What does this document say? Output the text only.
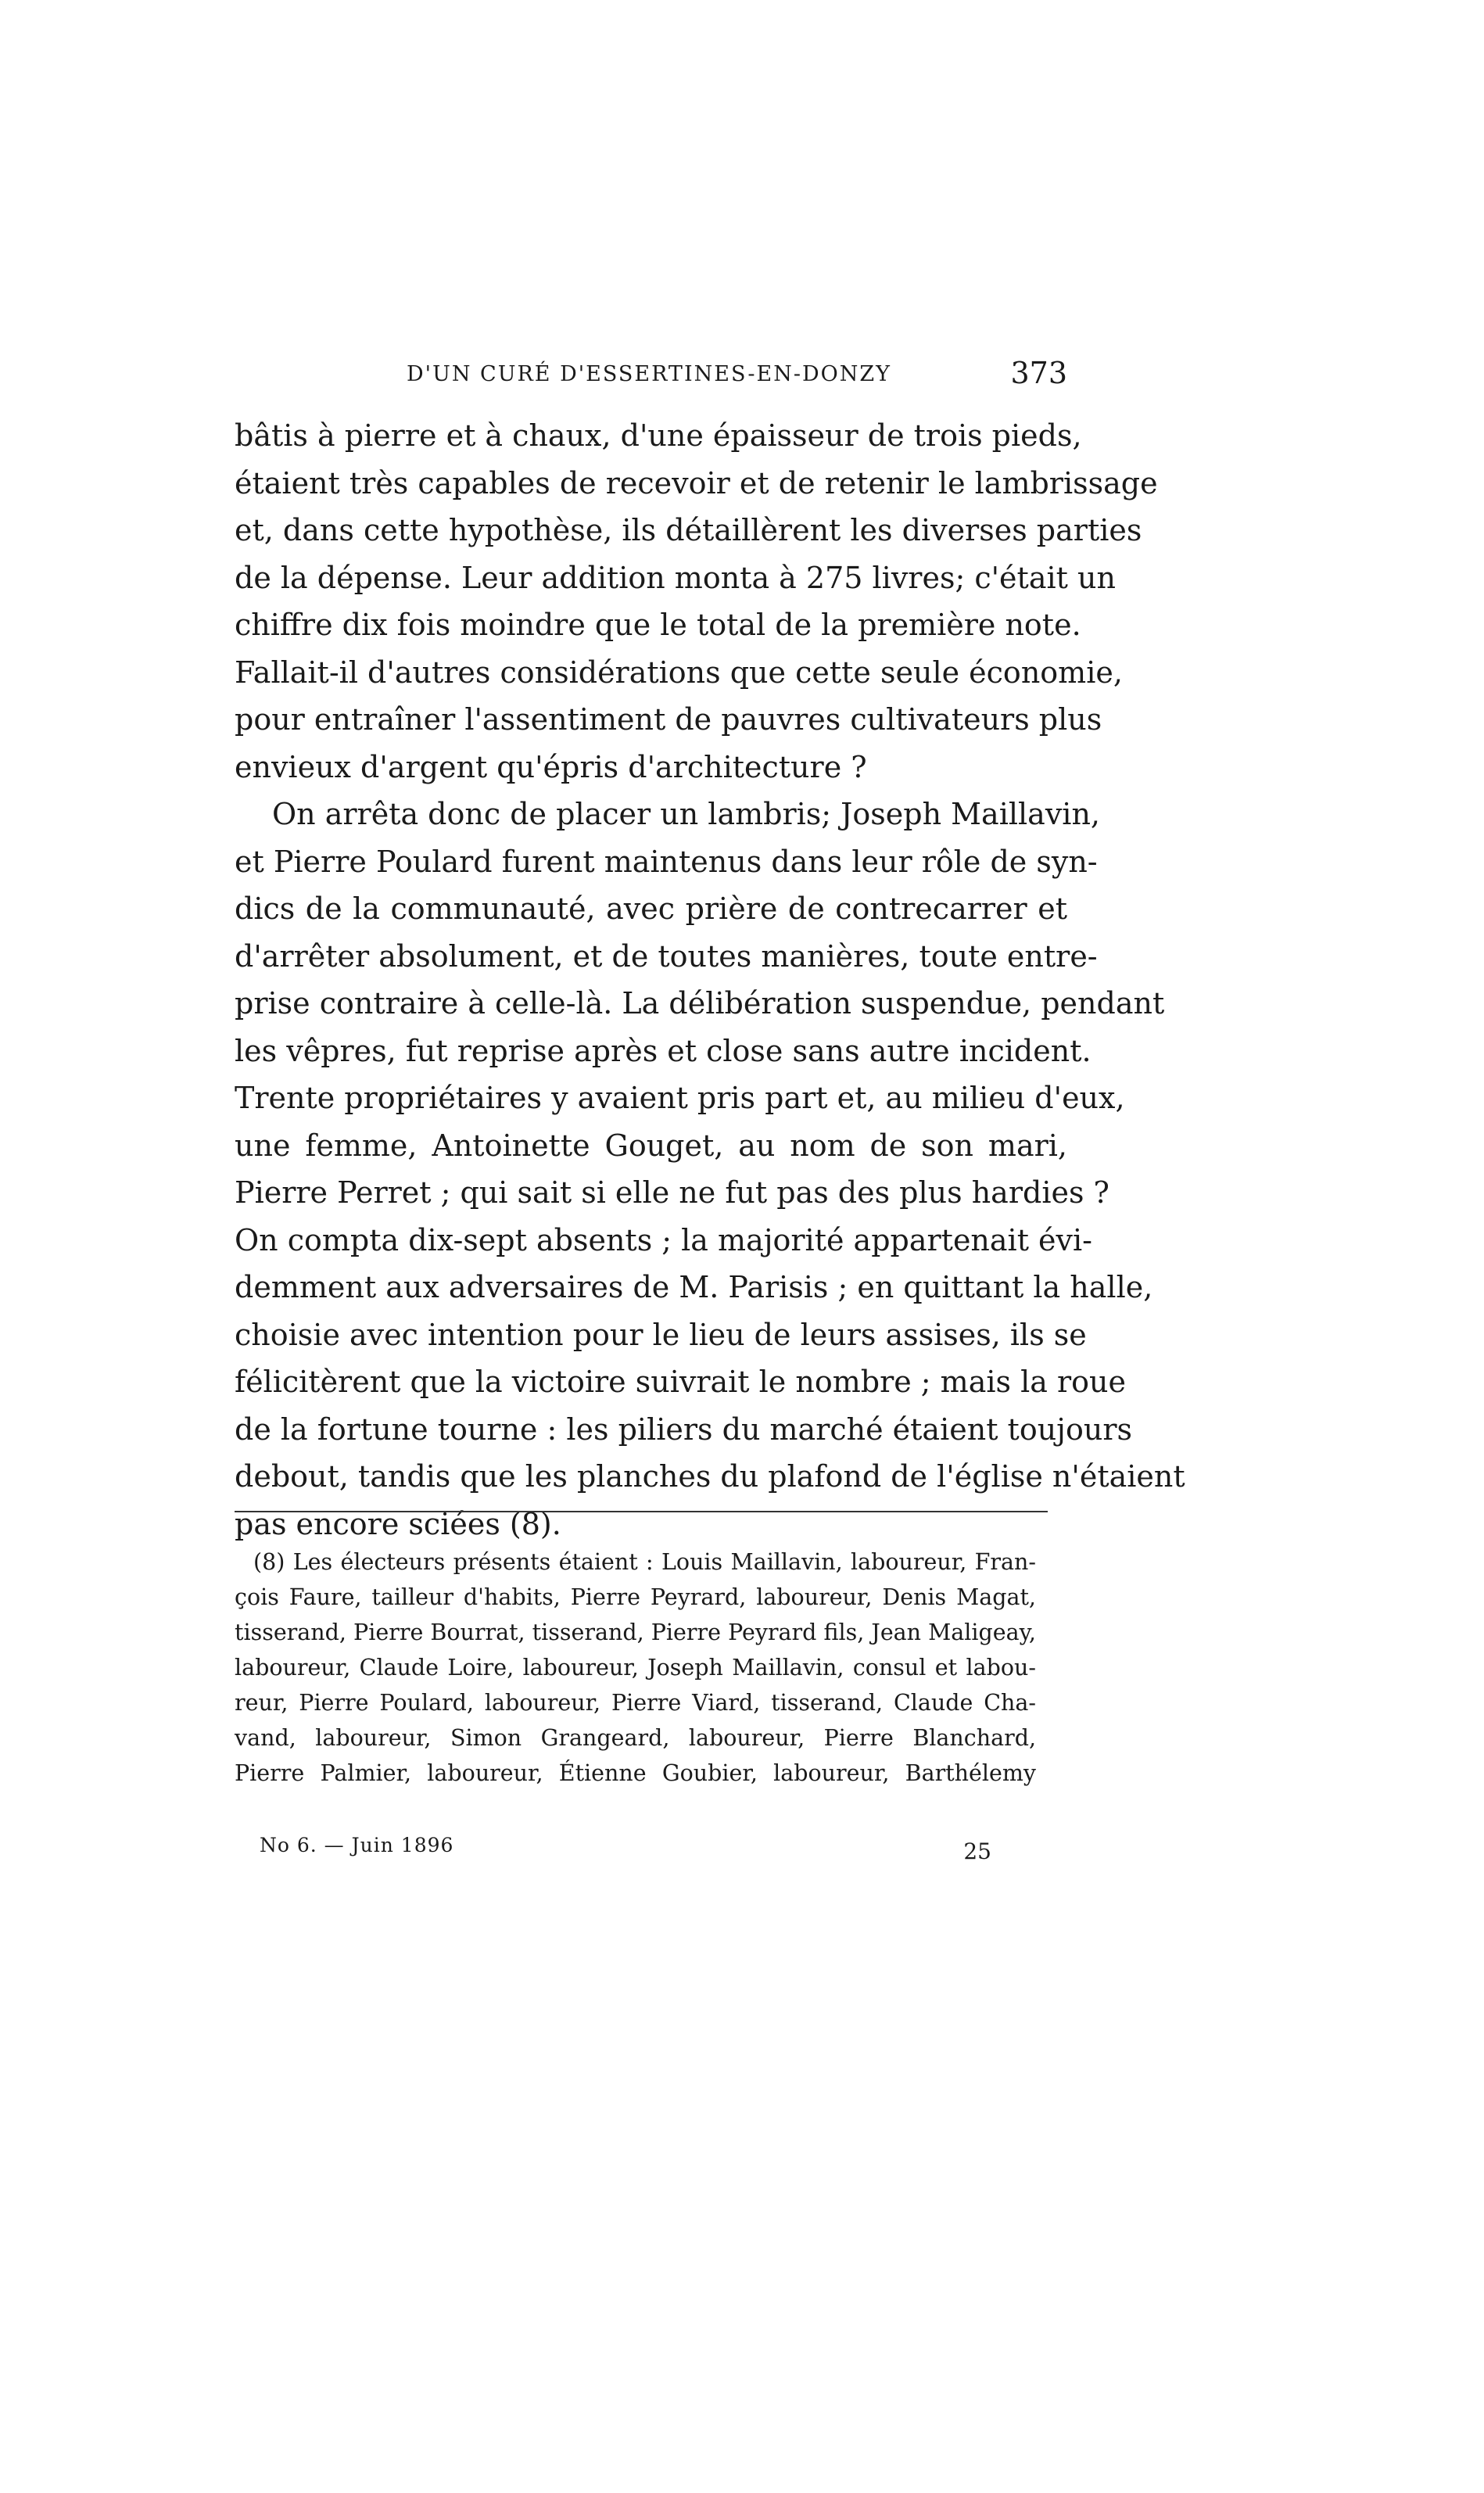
D'UN CURÉ D'ESSERTINES-EN-DONZY	373
bâtis à pierre et à chaux, d'une épaisseur de trois pieds,
étaient très capables de recevoir et de retenir le lambrissage
et, dans cette hypothèse, ils détaillèrent les diverses parties
de la dépense. Leur addition monta à 275 livres; c'était un
chiffre dix fois moindre que le total de la première note.
Fallait-il d'autres considérations que cette seule économie,
pour entraîner l'assentiment de pauvres cultivateurs plus
envieux d'argent qu'épris d'architecture ?
On arrêta donc de placer un lambris; Joseph Maillavin,
et Pierre Poulard furent maintenus dans leur rôle de syn-
dics de la communauté, avec prière de contrecarrer et
d'arrêter absolument, et de toutes manières, toute entre-
prise contraire à celle-là. La délibération suspendue, pendant
les vêpres, fut reprise après et close sans autre incident.
Trente propriétaires y avaient pris part et, au milieu d'eux,
une femme, Antoinette Gouget, au nom de son mari,
Pierre Perret ; qui sait si elle ne fut pas des plus hardies ?
On compta dix-sept absents ; la majorité appartenait évi-
demment aux adversaires de M. Parisis ; en quittant la halle,
choisie avec intention pour le lieu de leurs assises, ils se
félicitèrent que la victoire suivrait le nombre ; mais la roue
de la fortune tourne : les piliers du marché étaient toujours
debout, tandis que les planches du plafond de l'église n'étaient
pas encore sciées (8).
(8) Les électeurs présents étaient : Louis Maillavin, laboureur, Fran-
çois Faure, tailleur d'habits, Pierre Peyrard, laboureur, Denis Magat,
tisserand, Pierre Bourrat, tisserand, Pierre Peyrard fils, Jean Maligeay,
laboureur, Claude Loire, laboureur, Joseph Maillavin, consul et labou-
reur, Pierre Poulard, laboureur, Pierre Viard, tisserand, Claude Cha-
vand, laboureur, Simon Grangeard, laboureur, Pierre Blanchard,
Pierre Palmier, laboureur, Étienne Goubier, laboureur, Barthélemy
No 6. — Juin 1896	25
